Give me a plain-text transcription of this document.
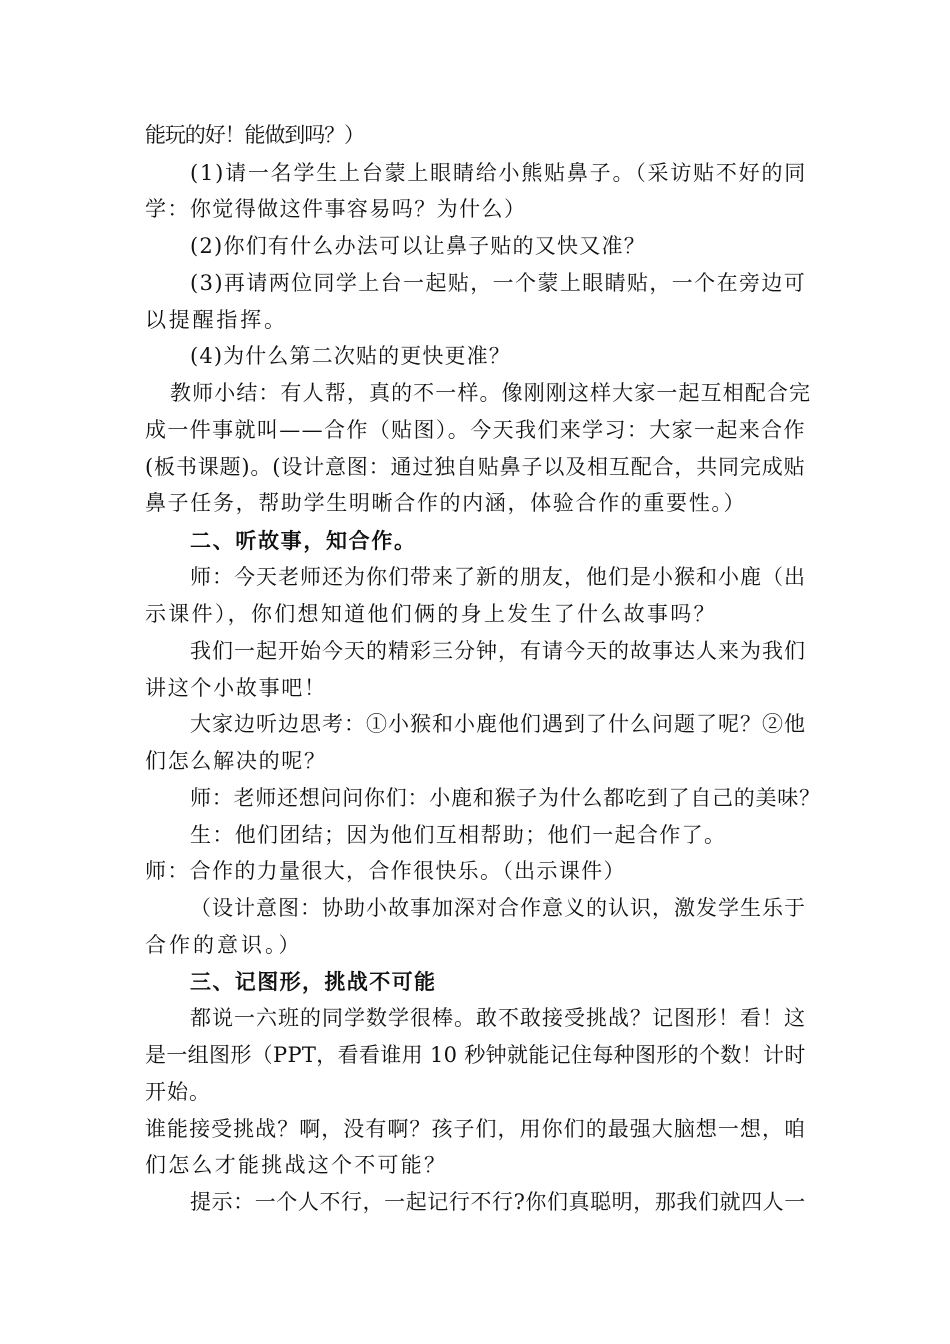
能玩的好！能做到吗？）
(1)请一名学生上台蒙上眼睛给小熊贴鼻子。（采访贴不好的同
学：你觉得做这件事容易吗？为什么）
(2)你们有什么办法可以让鼻子贴的又快又准？
(3)再请两位同学上台一起贴，一个蒙上眼睛贴，一个在旁边可
以提醒指挥。
(4)为什么第二次贴的更快更准？
教师小结：有人帮，真的不一样。像刚刚这样大家一起互相配合完
成一件事就叫——合作（贴图）。今天我们来学习：大家一起来合作
(板书课题)。(设计意图：通过独自贴鼻子以及相互配合，共同完成贴
鼻子任务，帮助学生明晰合作的内涵，体验合作的重要性。）
二、听故事，知合作。
师：今天老师还为你们带来了新的朋友，他们是小猴和小鹿（出
示课件），你们想知道他们俩的身上发生了什么故事吗？
我们一起开始今天的精彩三分钟，有请今天的故事达人来为我们
讲这个小故事吧！
大家边听边思考：①小猴和小鹿他们遇到了什么问题了呢？②他
们怎么解决的呢？
师：老师还想问问你们：小鹿和猴子为什么都吃到了自己的美味？
生：他们团结；因为他们互相帮助；他们一起合作了。
师：合作的力量很大，合作很快乐。（出示课件）
（设计意图：协助小故事加深对合作意义的认识，激发学生乐于
合作的意识。）
三、记图形，挑战不可能
都说一六班的同学数学很棒。敢不敢接受挑战？记图形！看！这
是一组图形（PPT，看看谁用 10 秒钟就能记住每种图形的个数！计时
开始。
谁能接受挑战？啊，没有啊？孩子们，用你们的最强大脑想一想，咱
们怎么才能挑战这个不可能？
提示：一个人不行，一起记行不行?你们真聪明，那我们就四人一
